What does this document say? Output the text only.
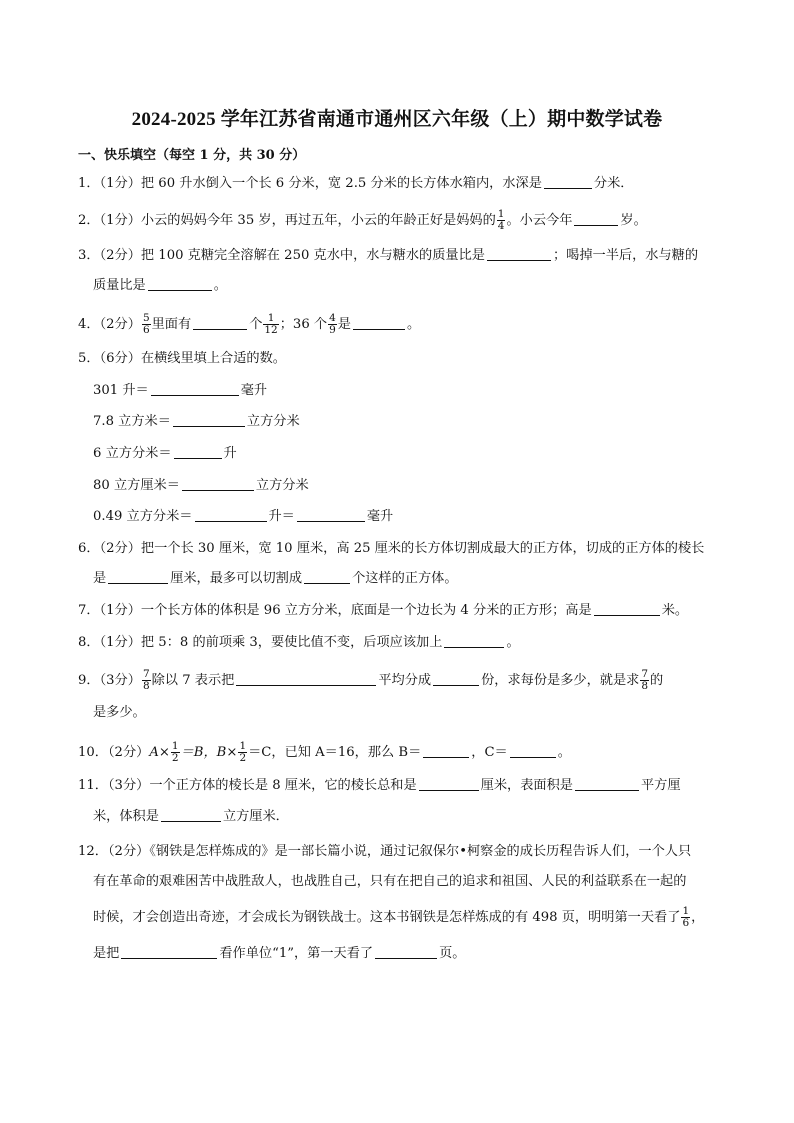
2024-2025 学年江苏省南通市通州区六年级（上）期中数学试卷
一、快乐填空（每空 1 分，共 30 分）
1．（1分）把 60 升水倒入一个长 6 分米，宽 2.5 分米的长方体水箱内，水深是	分米．
2．（1分）小云的妈妈今年 35 岁，再过五年，小云的年龄正好是妈妈的 $\frac{1}{4}$ 。小云今年	岁。
3．（2分）把 100 克糖完全溶解在 250 克水中，水与糖水的质量比是	；喝掉一半后，水与糖的
质量比是	。
4．（2分） $\frac{5}{6}$ 里面有	个 $\frac{1}{12}$ ；36 个 $\frac{4}{9}$ 是	。
5．（6分）在横线里填上合适的数。
301 升＝	毫升
7.8 立方米＝	立方分米
6 立方分米＝	升
80 立方厘米＝	立方分米
0.49 立方分米＝	升＝	毫升
6．（2分）把一个长 30 厘米，宽 10 厘米，高 25 厘米的长方体切割成最大的正方体，切成的正方体的棱长
是	厘米，最多可以切割成	个这样的正方体。
7．（1分）一个长方体的体积是 96 立方分米，底面是一个边长为 4 分米的正方形；高是	米。
8．（1分）把 5：8 的前项乘 3，要使比值不变，后项应该加上	。
9．（3分） $\frac{7}{8}$ 除以 7 表示把	平均分成	份，求每份是多少，就是求 $\frac{7}{8}$ 的
是多少。
10．（2分）$A\times \frac{1}{2} =B$，$B\times \frac{1}{2} =C$，已知 A＝16，那么 B＝	，C＝	。
11．（3分）一个正方体的棱长是 8 厘米，它的棱长总和是	厘米，表面积是	平方厘
米，体积是	立方厘米．
12．（2分）《钢铁是怎样炼成的》是一部长篇小说，通过记叙保尔•柯察金的成长历程告诉人们，一个人只
有在革命的艰难困苦中战胜敌人，也战胜自己，只有在把自己的追求和祖国、人民的利益联系在一起的
时候，才会创造出奇迹，才会成长为钢铁战士。这本书钢铁是怎样炼成的有 498 页，明明第一天看了 $\frac{1}{6}$ ，
是把	看作单位“1”，第一天看了	页。
